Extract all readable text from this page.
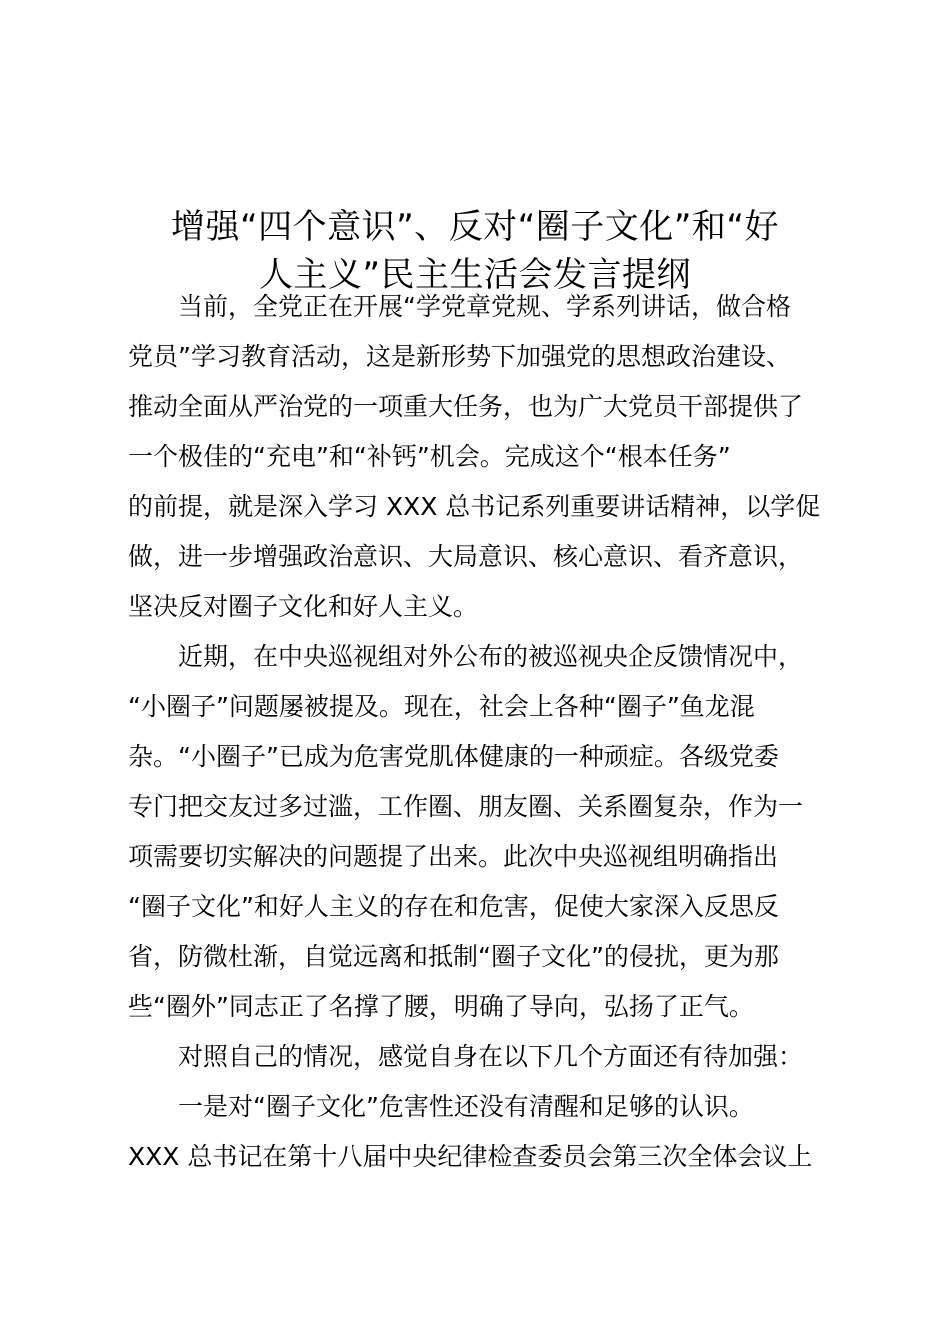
增强“四个意识”、反对“圈子文化”和“好
人主义”民主生活会发言提纲
当前，全党正在开展“学党章党规、学系列讲话，做合格
党员”学习教育活动，这是新形势下加强党的思想政治建设、
推动全面从严治党的一项重大任务，也为广大党员干部提供了
一个极佳的“充电”和“补钙”机会。完成这个“根本任务”
的前提，就是深入学习 XXX 总书记系列重要讲话精神，以学促
做，进一步增强政治意识、大局意识、核心意识、看齐意识，
坚决反对圈子文化和好人主义。
近期，在中央巡视组对外公布的被巡视央企反馈情况中，
“小圈子”问题屡被提及。现在，社会上各种“圈子”鱼龙混
杂。“小圈子”已成为危害党肌体健康的一种顽症。各级党委
专门把交友过多过滥，工作圈、朋友圈、关系圈复杂，作为一
项需要切实解决的问题提了出来。此次中央巡视组明确指出
“圈子文化”和好人主义的存在和危害，促使大家深入反思反
省，防微杜渐，自觉远离和抵制“圈子文化”的侵扰，更为那
些“圈外”同志正了名撑了腰，明确了导向，弘扬了正气。
对照自己的情况，感觉自身在以下几个方面还有待加强：
一是对“圈子文化”危害性还没有清醒和足够的认识。
XXX 总书记在第十八届中央纪律检查委员会第三次全体会议上
